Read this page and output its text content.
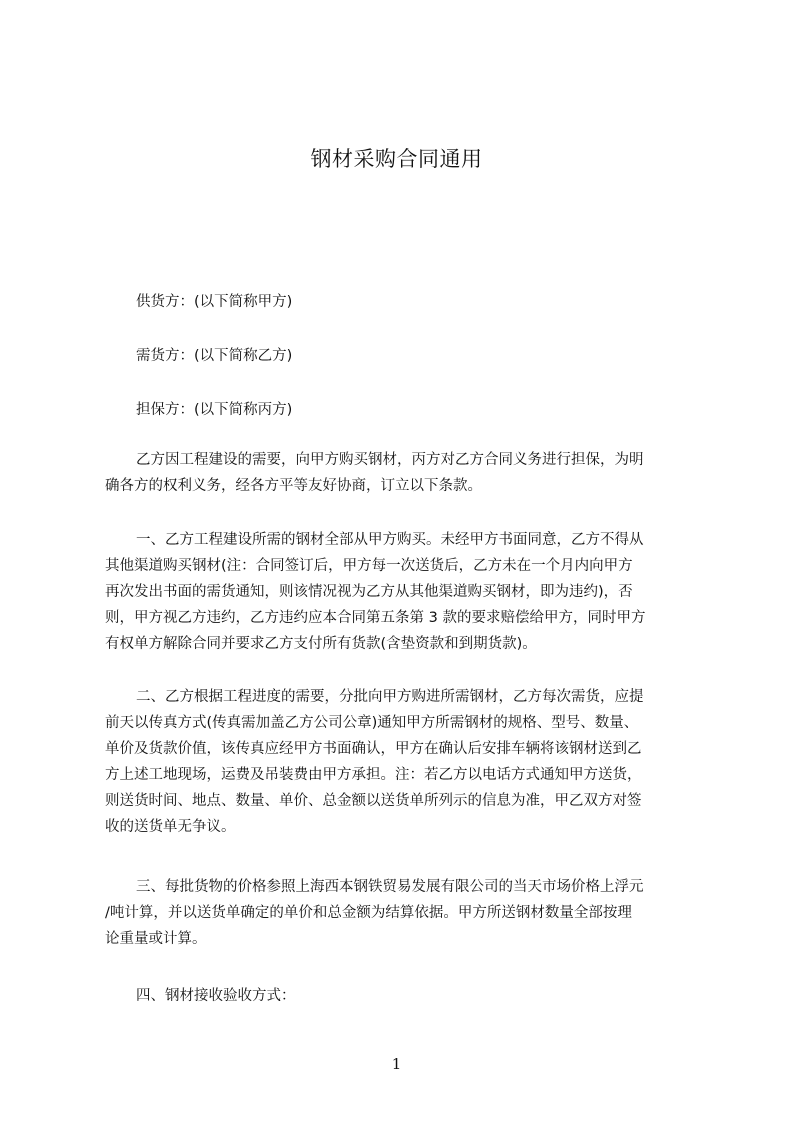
钢材采购合同通用

供货方：(以下简称甲方)

需货方：(以下简称乙方)

担保方：(以下简称丙方)

乙方因工程建设的需要，向甲方购买钢材，丙方对乙方合同义务进行担保，为明
确各方的权利义务，经各方平等友好协商，订立以下条款。
一、乙方工程建设所需的钢材全部从甲方购买。未经甲方书面同意，乙方不得从
其他渠道购买钢材(注：合同签订后，甲方每一次送货后，乙方未在一个月内向甲方
再次发出书面的需货通知，则该情况视为乙方从其他渠道购买钢材，即为违约)，否
则，甲方视乙方违约，乙方违约应本合同第五条第 3 款的要求赔偿给甲方，同时甲方
有权单方解除合同并要求乙方支付所有货款(含垫资款和到期货款)。
二、乙方根据工程进度的需要，分批向甲方购进所需钢材，乙方每次需货，应提
前天以传真方式(传真需加盖乙方公司公章)通知甲方所需钢材的规格、型号、数量、
单价及货款价值，该传真应经甲方书面确认，甲方在确认后安排车辆将该钢材送到乙
方上述工地现场，运费及吊装费由甲方承担。注：若乙方以电话方式通知甲方送货，
则送货时间、地点、数量、单价、总金额以送货单所列示的信息为准，甲乙双方对签
收的送货单无争议。
三、每批货物的价格参照上海西本钢铁贸易发展有限公司的当天市场价格上浮元
/吨计算，并以送货单确定的单价和总金额为结算依据。甲方所送钢材数量全部按理
论重量或计算。

四、钢材接收验收方式：

1
